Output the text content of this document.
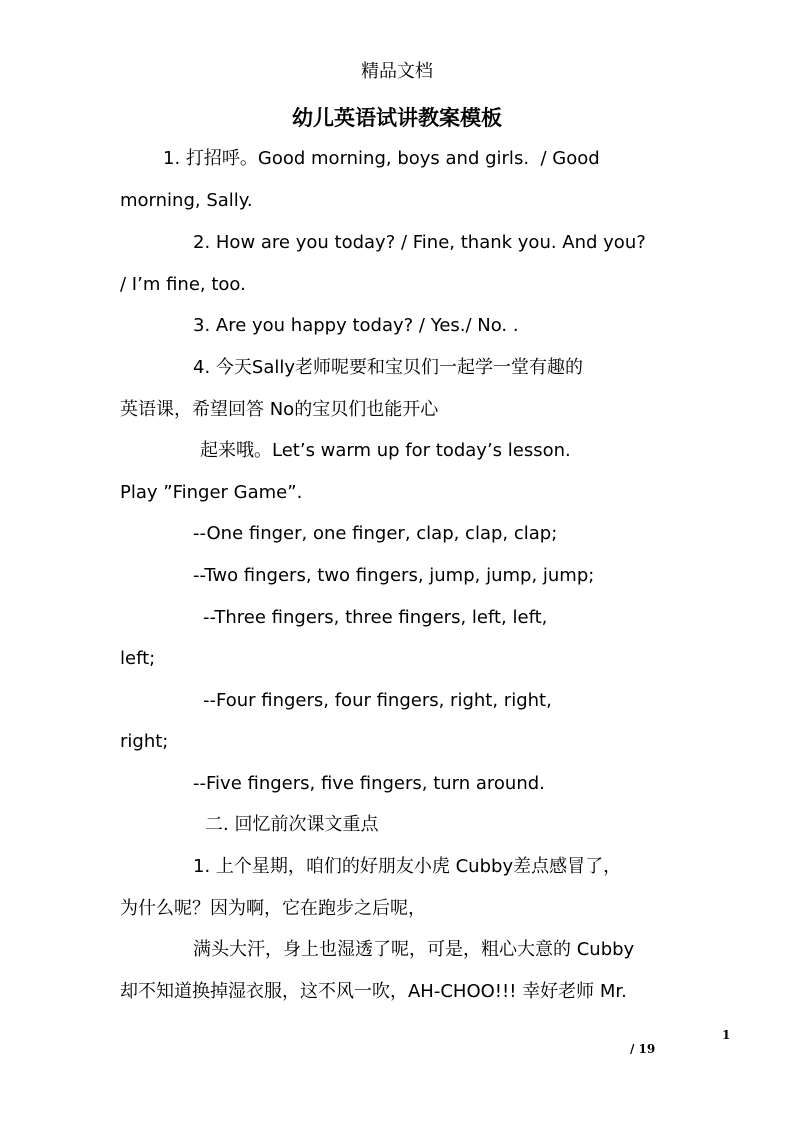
精品文档
幼儿英语试讲教案模板
1. 打招呼。Good morning, boys and girls.  / Good
morning, Sally.
2. How are you today? / Fine, thank you. And you?
/ I’m fine, too.
3. Are you happy today? / Yes./ No. .
4. 今天Sally老师呢要和宝贝们一起学一堂有趣的
英语课，希望回答 No的宝贝们也能开心
起来哦。Let’s warm up for today’s lesson.
Play ”Finger Game”.
--One finger, one finger, clap, clap, clap;
--Two fingers, two fingers, jump, jump, jump;
--Three fingers, three fingers, left, left,
left;
--Four fingers, four fingers, right, right,
right;
--Five fingers, five fingers, turn around.
二. 回忆前次课文重点
1. 上个星期，咱们的好朋友小虎 Cubby差点感冒了，
为什么呢？因为啊，它在跑步之后呢，
满头大汗，身上也湿透了呢，可是，粗心大意的 Cubby
却不知道换掉湿衣服，这不风一吹，AH-CHOO!!! 幸好老师 Mr.
1
/ 19
